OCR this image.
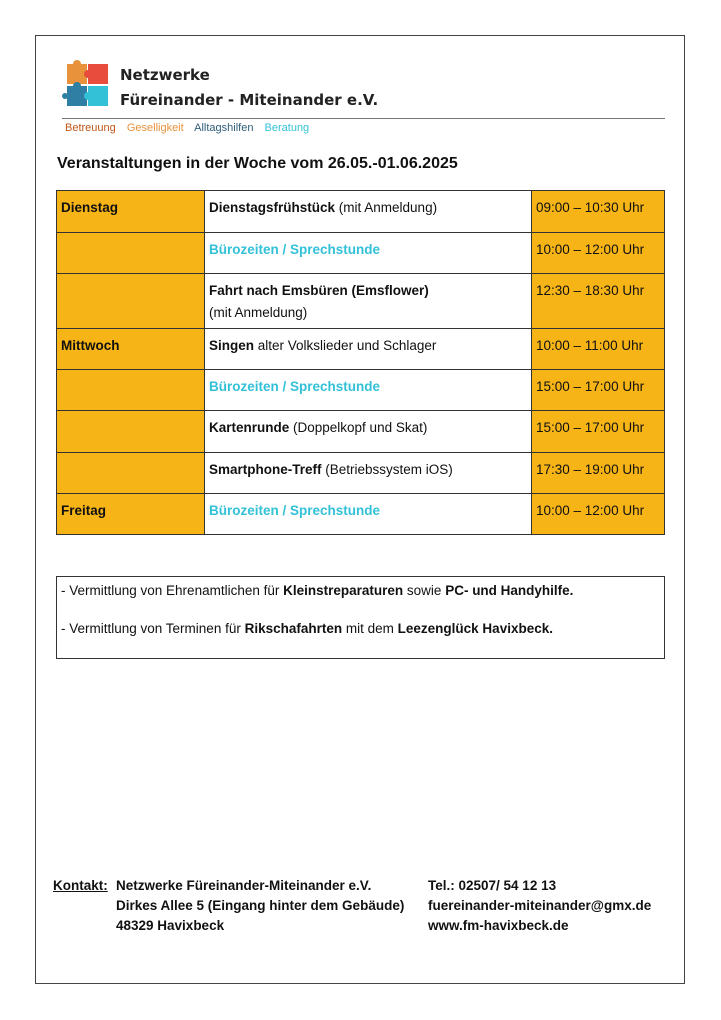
Netzwerke
Füreinander - Miteinander e.V.
Betreuung Geselligkeit Alltagshilfen Beratung
Veranstaltungen in der Woche vom 26.05.-01.06.2025
Dienstag	Dienstagsfrühstück (mit Anmeldung)	09:00 – 10:30 Uhr
	Bürozeiten / Sprechstunde	10:00 – 12:00 Uhr
	Fahrt nach Emsbüren (Emsflower)
(mit Anmeldung)	12:30 – 18:30 Uhr
Mittwoch	Singen alter Volkslieder und Schlager	10:00 – 11:00 Uhr
	Bürozeiten / Sprechstunde	15:00 – 17:00 Uhr
	Kartenrunde (Doppelkopf und Skat)	15:00 – 17:00 Uhr
	Smartphone-Treff (Betriebssystem iOS)	17:30 – 19:00 Uhr
Freitag	Bürozeiten / Sprechstunde	10:00 – 12:00 Uhr

- Vermittlung von Ehrenamtlichen für Kleinstreparaturen sowie PC- und Handyhilfe.

- Vermittlung von Terminen für Rikschafahrten mit dem Leezenglück Havixbeck.

Kontakt: Netzwerke Füreinander-Miteinander e.V.
Dirkes Allee 5 (Eingang hinter dem Gebäude)
48329 Havixbeck
Tel.: 02507/ 54 12 13
fuereinander-miteinander@gmx.de
www.fm-havixbeck.de
